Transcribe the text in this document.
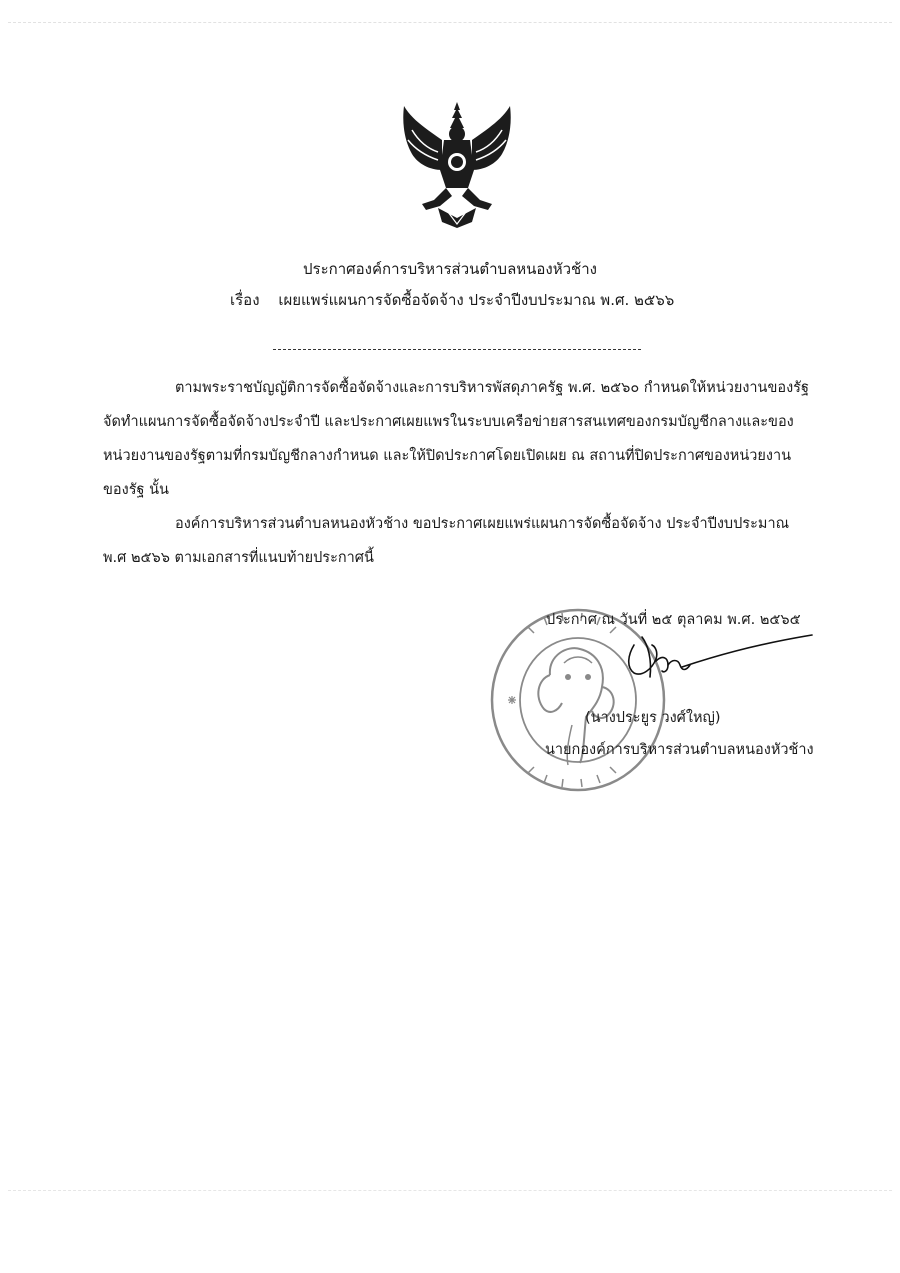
ประกาศองค์การบริหารส่วนตำบลหนองหัวช้าง
เรื่อง เผยแพร่แผนการจัดซื้อจัดจ้าง ประจำปีงบประมาณ พ.ศ. ๒๕๖๖
ตามพระราชบัญญัติการจัดซื้อจัดจ้างและการบริหารพัสดุภาครัฐ พ.ศ. ๒๕๖๐ กำหนดให้หน่วยงานของรัฐ
จัดทำแผนการจัดซื้อจัดจ้างประจำปี และประกาศเผยแพรในระบบเครือข่ายสารสนเทศของกรมบัญชีกลางและของ
หน่วยงานของรัฐตามที่กรมบัญชีกลางกำหนด และให้ปิดประกาศโดยเปิดเผย ณ สถานที่ปิดประกาศของหน่วยงาน
ของรัฐ นั้น
องค์การบริหารส่วนตำบลหนองหัวช้าง ขอประกาศเผยแพร่แผนการจัดซื้อจัดจ้าง ประจำปีงบประมาณ
พ.ศ ๒๕๖๖ ตามเอกสารที่แนบท้ายประกาศนี้
ประกาศ ณ วันที่ ๒๕ ตุลาคม พ.ศ. ๒๕๖๕
(นางประยูร วงศ์ใหญ่)
นายกองค์การบริหารส่วนตำบลหนองหัวช้าง
